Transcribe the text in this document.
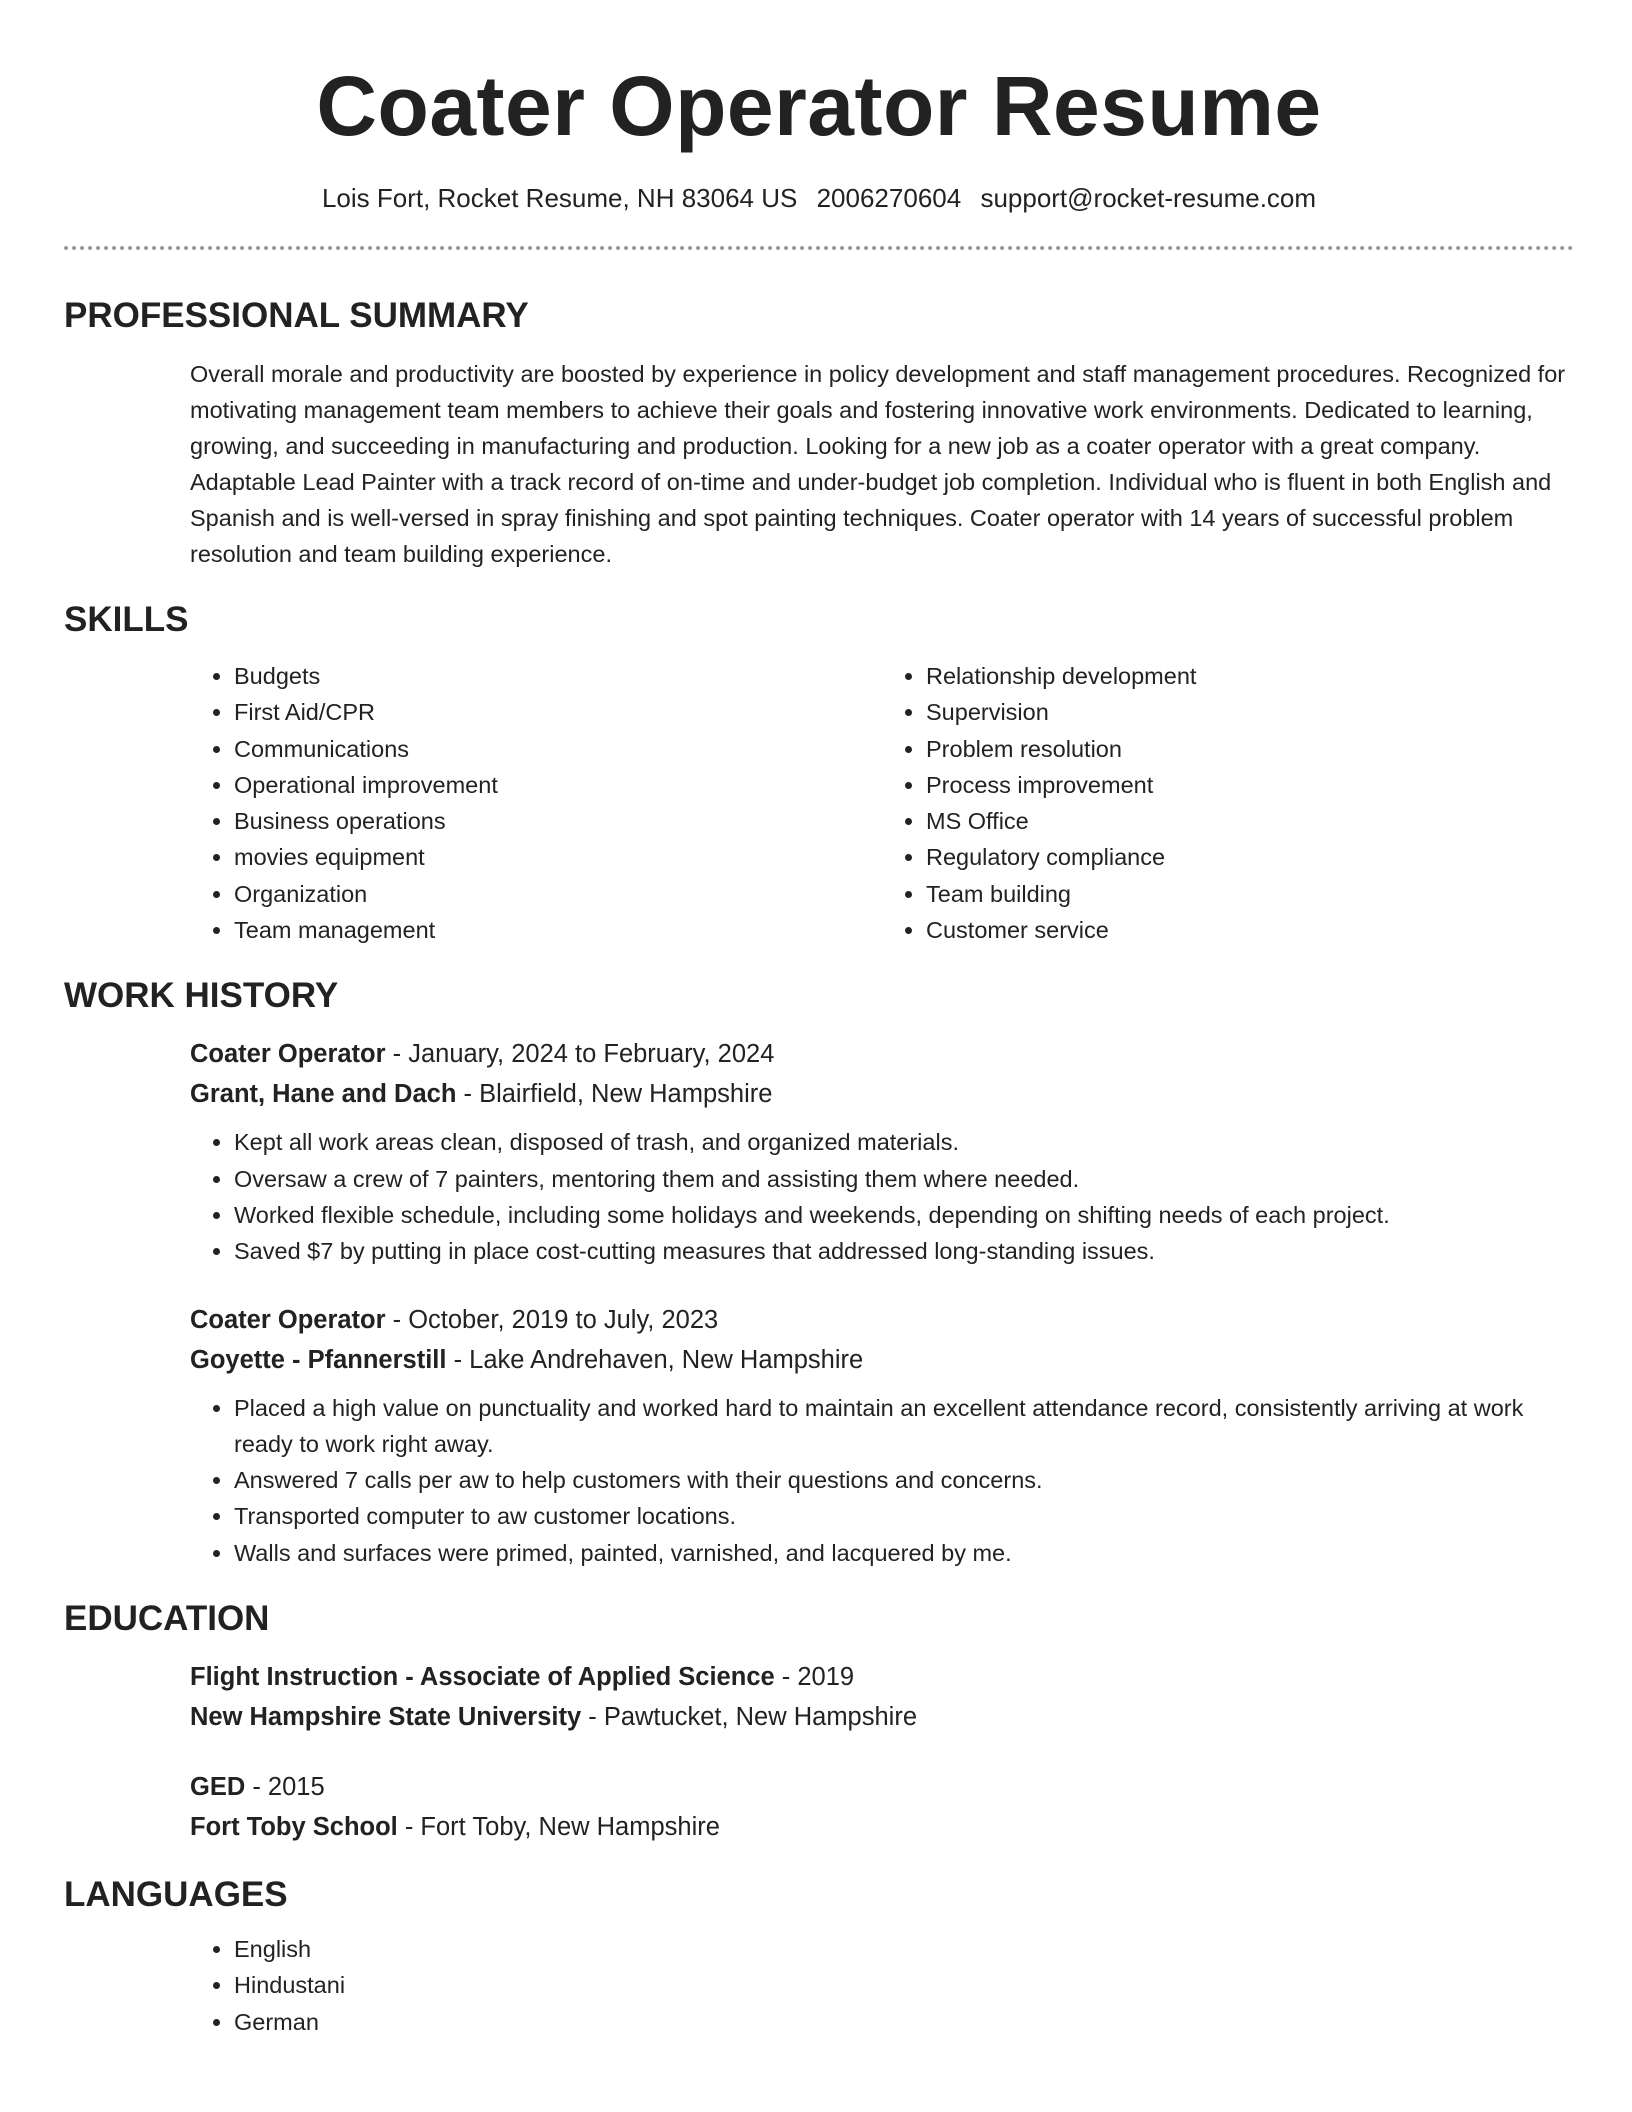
Coater Operator Resume
Lois Fort, Rocket Resume, NH 83064 US 2006270604 support@rocket-resume.com
PROFESSIONAL SUMMARY
Overall morale and productivity are boosted by experience in policy development and staff management procedures. Recognized for motivating management team members to achieve their goals and fostering innovative work environments. Dedicated to learning, growing, and succeeding in manufacturing and production. Looking for a new job as a coater operator with a great company. Adaptable Lead Painter with a track record of on-time and under-budget job completion. Individual who is fluent in both English and Spanish and is well-versed in spray finishing and spot painting techniques. Coater operator with 14 years of successful problem resolution and team building experience.
SKILLS
• Budgets
• First Aid/CPR
• Communications
• Operational improvement
• Business operations
• movies equipment
• Organization
• Team management
• Relationship development
• Supervision
• Problem resolution
• Process improvement
• MS Office
• Regulatory compliance
• Team building
• Customer service
WORK HISTORY
Coater Operator - January, 2024 to February, 2024
Grant, Hane and Dach - Blairfield, New Hampshire
• Kept all work areas clean, disposed of trash, and organized materials.
• Oversaw a crew of 7 painters, mentoring them and assisting them where needed.
• Worked flexible schedule, including some holidays and weekends, depending on shifting needs of each project.
• Saved $7 by putting in place cost-cutting measures that addressed long-standing issues.
Coater Operator - October, 2019 to July, 2023
Goyette - Pfannerstill - Lake Andrehaven, New Hampshire
• Placed a high value on punctuality and worked hard to maintain an excellent attendance record, consistently arriving at work ready to work right away.
• Answered 7 calls per aw to help customers with their questions and concerns.
• Transported computer to aw customer locations.
• Walls and surfaces were primed, painted, varnished, and lacquered by me.
EDUCATION
Flight Instruction - Associate of Applied Science - 2019
New Hampshire State University - Pawtucket, New Hampshire
GED - 2015
Fort Toby School - Fort Toby, New Hampshire
LANGUAGES
• English
• Hindustani
• German
